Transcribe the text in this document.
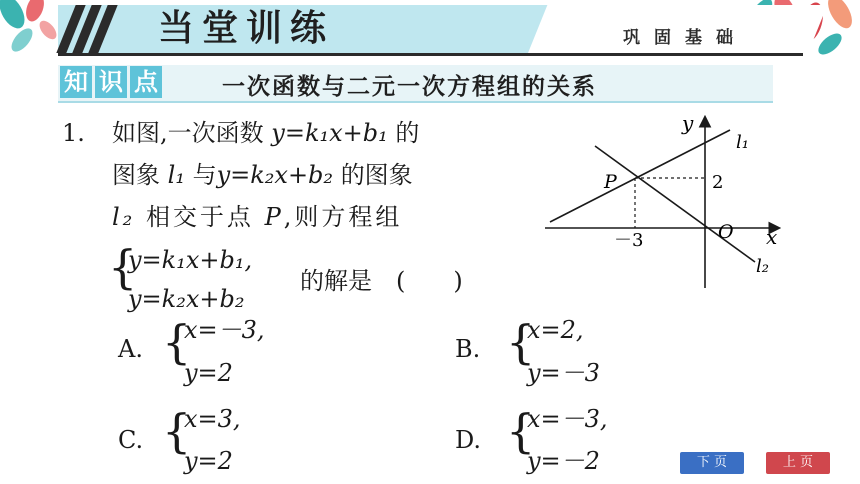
当堂训练	巩固基础
知 识 点	一次函数与二元一次方程组的关系
1. 如图,一次函数 y=k₁x+b₁ 的
图象 l₁ 与y=k₂x+b₂ 的图象
l₂ 相交于点 P,则方程组
{
y=k₁x+b₁,
y=k₂x+b₂
的解是　(　　)
y
x
O
P
l₁
l₂
－3
2
A. {
x=－3,
y=2
B. {
x=2,
y=－3
C. {
x=3,
y=2
D. {
x=－3,
y=－2	下 页	上 页
